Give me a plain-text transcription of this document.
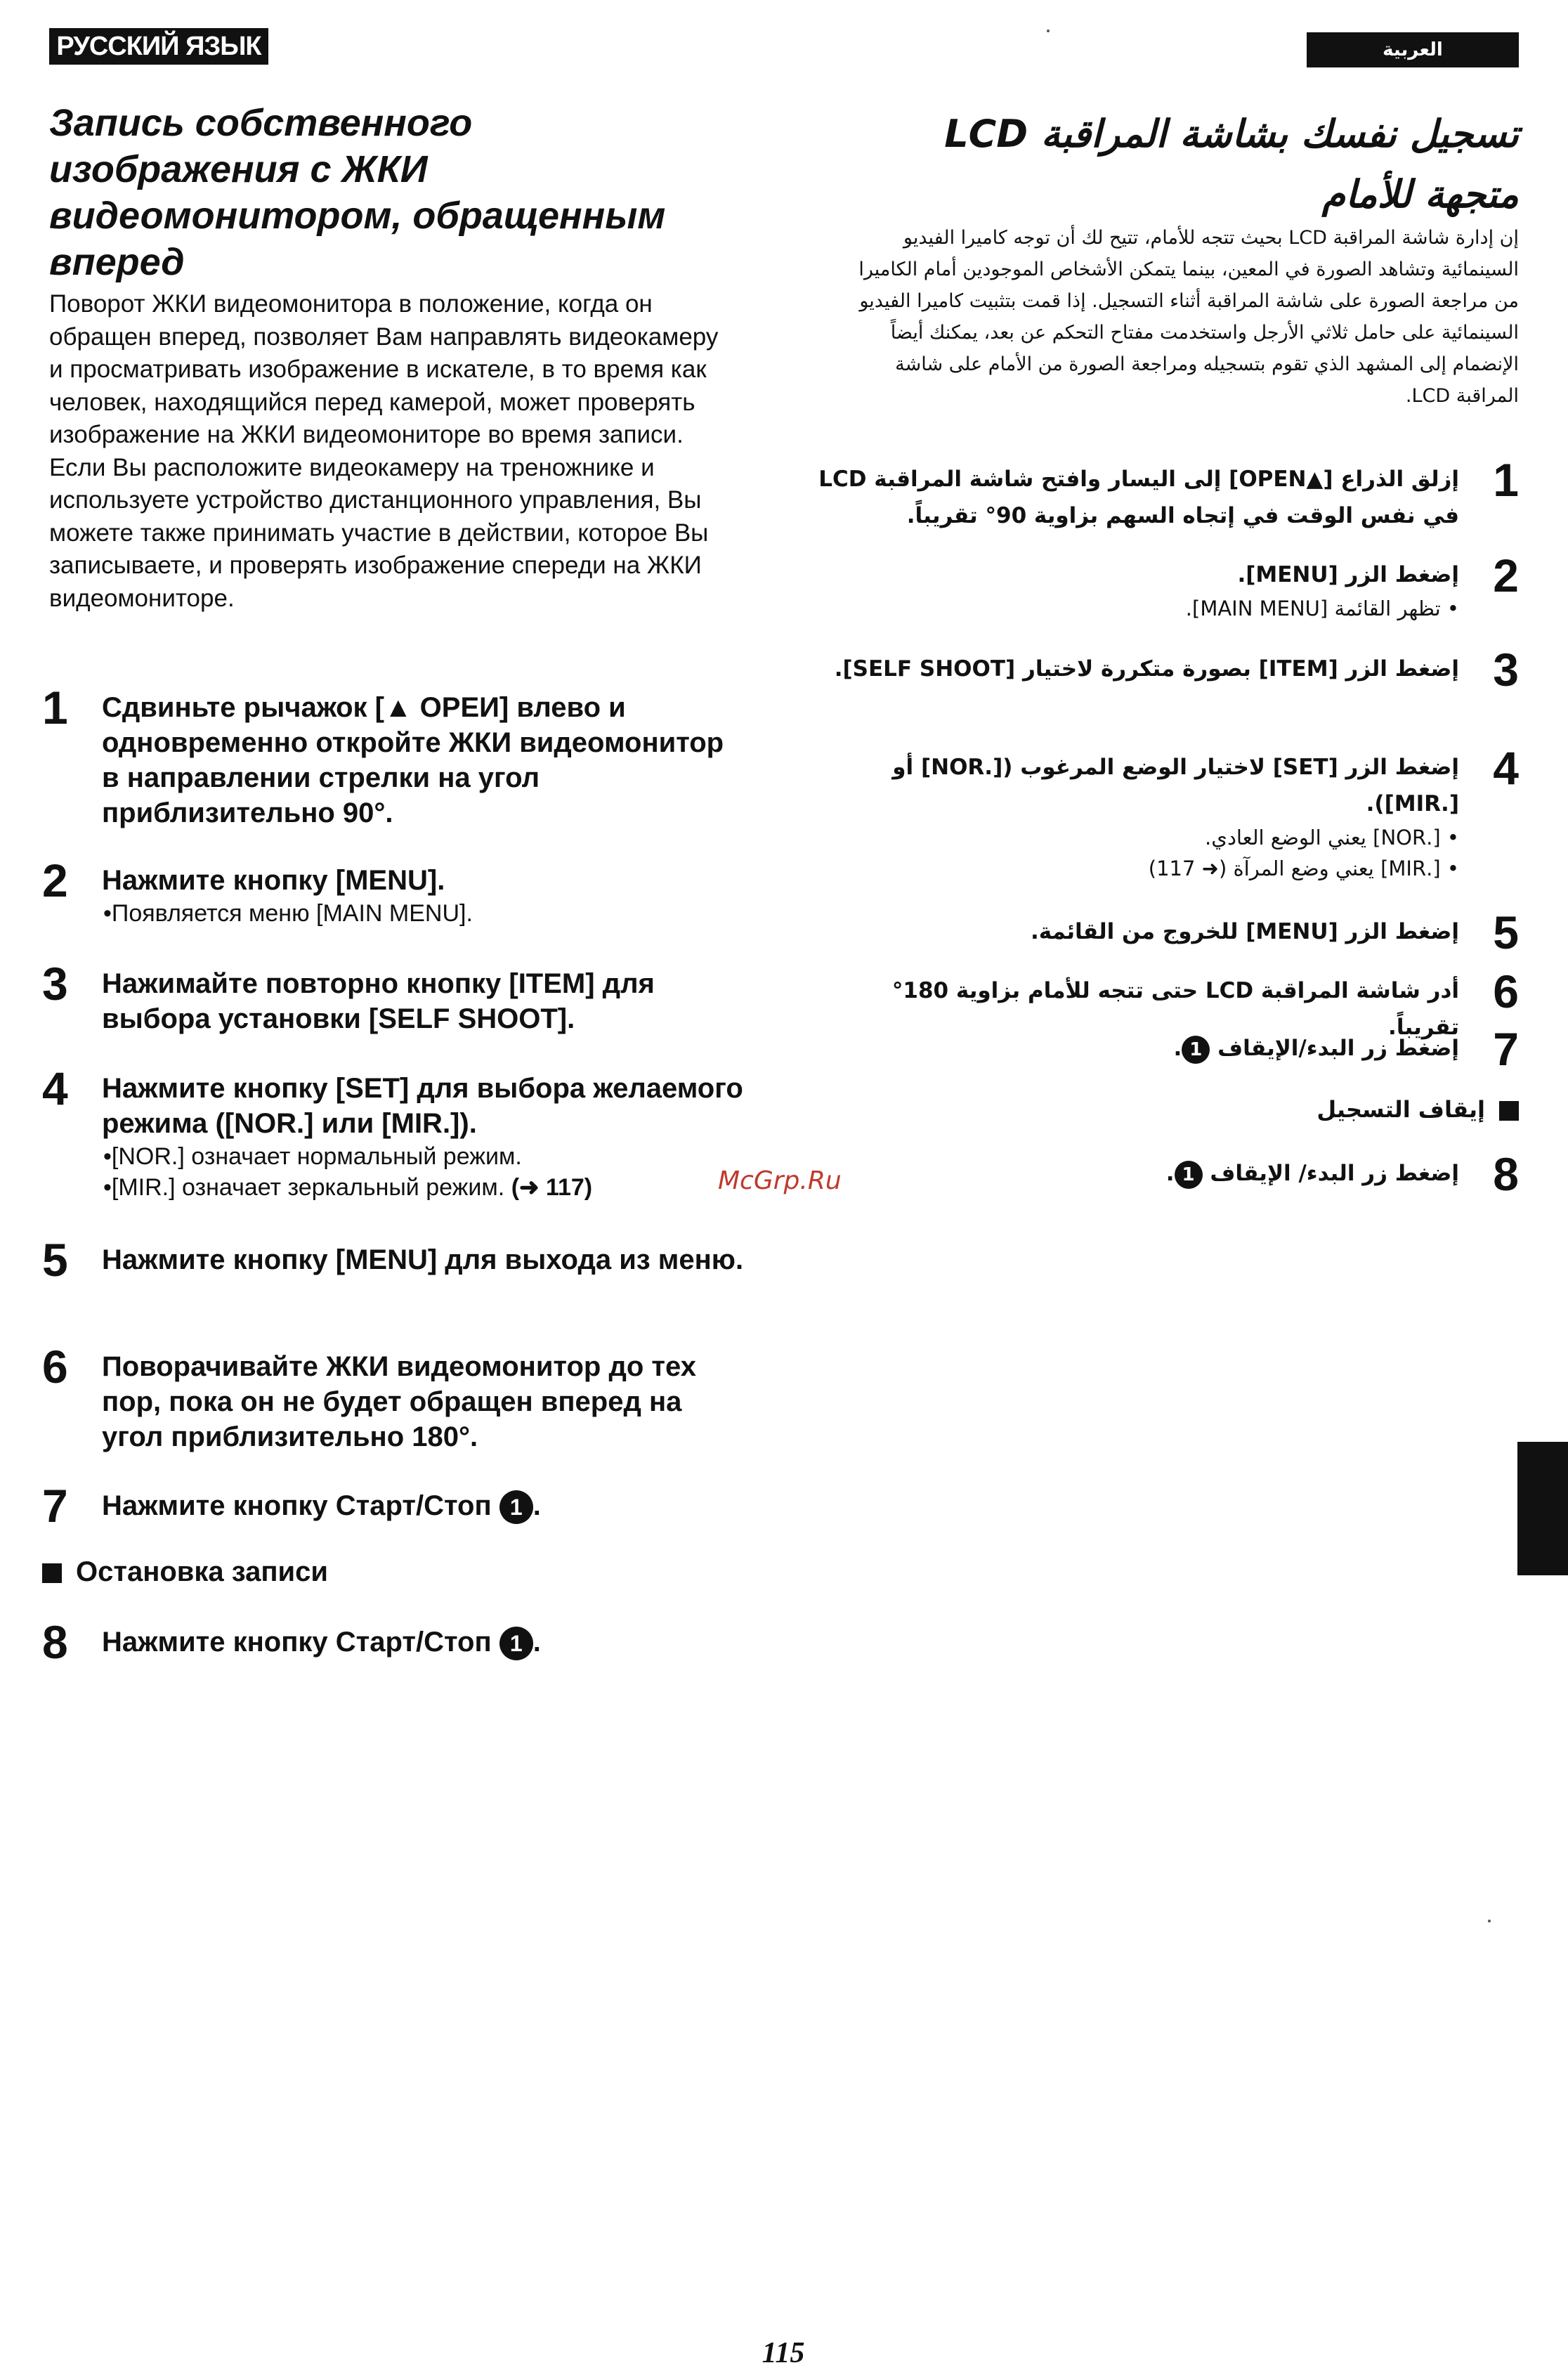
РУССКИЙ ЯЗЫК	العربية
Запись собственного изображения с ЖКИ видеомонитором, обращенным вперед

Поворот ЖКИ видеомонитора в положение, когда он обращен вперед, позволяет Вам направлять видеокамеру и просматривать изображение в искателе, в то время как человек, находящийся перед камерой, может проверять изображение на ЖКИ видеомониторе во время записи. Если Вы расположите видеокамеру на треножнике и используете устройство дистанционного управления, Вы можете также принимать участие в действии, которое Вы записываете, и проверять изображение спереди на ЖКИ видеомониторе.

1 Сдвиньте рычажок [▲ OPEИ] влево и одновременно откройте ЖКИ видеомонитор в направлении стрелки на угол приблизительно 90°.
2 Нажмите кнопку [MENU].
•Появляется меню [MAIN MENU].
3 Нажимайте повторно кнопку [ITEM] для выбора установки [SELF SHOOT].
4 Нажмите кнопку [SET] для выбора желаемого режима ([NOR.] или [MIR.]).
•[NOR.] означает нормальный режим.
•[MIR.] означает зеркальный режим. (➜ 117)
5 Нажмите кнопку [MENU] для выхода из меню.
6 Поворачивайте ЖКИ видеомонитор до тех пор, пока он не будет обращен вперед на угол приблизительно 180°.
7 Нажмите кнопку Старт/Стоп 1 .
Остановка записи
8 Нажмите кнопку Старт/Стоп 1 .
McGrp.Ru
تسجيل نفسك بشاشة المراقبة LCD متجهة للأمام

إن إدارة شاشة المراقبة LCD بحيث تتجه للأمام، تتيح لك أن توجه كاميرا الفيديو السينمائية وتشاهد الصورة في المعين، بينما يتمكن الأشخاص الموجودين أمام الكاميرا من مراجعة الصورة على شاشة المراقبة أثناء التسجيل. إذا قمت بتثبيت كاميرا الفيديو السينمائية على حامل ثلاثي الأرجل واستخدمت مفتاح التحكم عن بعد، يمكنك أيضاً الإنضمام إلى المشهد الذي تقوم بتسجيله ومراجعة الصورة من الأمام على شاشة المراقبة LCD.

1
إزلق الذراع [▲OPEN] إلى اليسار وافتح شاشة المراقبة LCD في نفس الوقت في إتجاه السهم بزاوية 90° تقريباً.
2
إضغط الزر [MENU].
• تظهر القائمة [MAIN MENU].
3
إضغط الزر [ITEM] بصورة متكررة لاختيار [SELF SHOOT].
4
إضغط الزر [SET] لاختيار الوضع المرغوب ([.NOR] أو [.MIR]).
• [.NOR] يعني الوضع العادي.
• [.MIR] يعني وضع المرآة (➜ 117)
5
إضغط الزر [MENU] للخروج من القائمة.
6
أدر شاشة المراقبة LCD حتى تتجه للأمام بزاوية 180° تقريباً. 7
إضغط زر البدء/الإيقاف 1.
إيقاف التسجيل
8
إضغط زر البدء/ الإيقاف 1.
115
